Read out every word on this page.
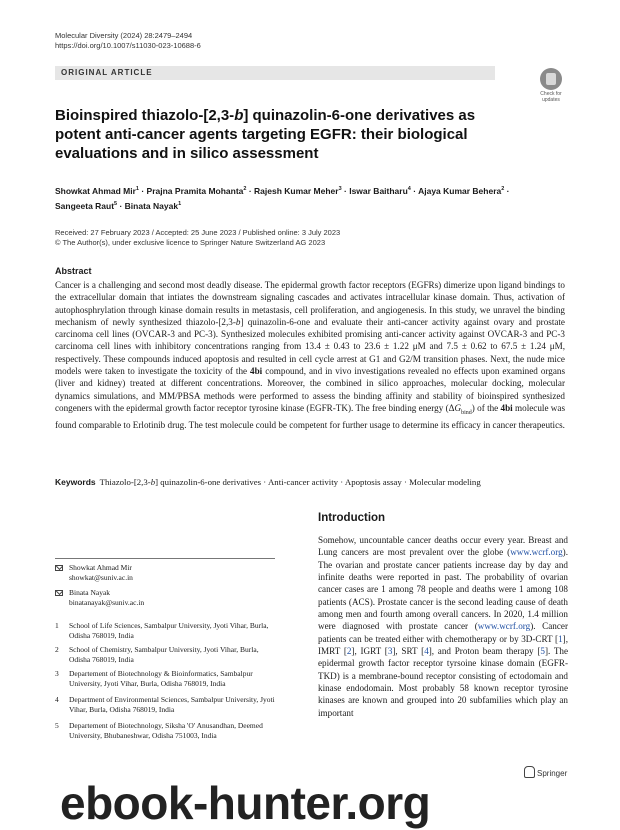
Molecular Diversity (2024) 28:2479–2494
https://doi.org/10.1007/s11030-023-10688-6
ORIGINAL ARTICLE
Check for updates
Bioinspired thiazolo-[2,3-b] quinazolin-6-one derivatives as potent anti-cancer agents targeting EGFR: their biological evaluations and in silico assessment
Showkat Ahmad Mir$^1$ · Prajna Pramita Mohanta$^2$ · Rajesh Kumar Meher$^3$ · Iswar Baitharu$^4$ · Ajaya Kumar Behera$^2$ ·
Sangeeta Raut$^5$ · Binata Nayak$^1$
Received: 27 February 2023 / Accepted: 25 June 2023 / Published online: 3 July 2023
© The Author(s), under exclusive licence to Springer Nature Switzerland AG 2023
Abstract
Cancer is a challenging and second most deadly disease. The epidermal growth factor receptors (EGFRs) dimerize upon ligand bindings to the extracellular domain that intiates the downstream signaling cascades and activates intracellular kinase domain. Thus, activation of autophosphrylation through kinase domain results in metastasis, cell proliferation, and angiogenesis. In this study, we unravel the binding mechanism of newly synthesized thiazolo-[2,3-b] quinazolin-6-one and evaluate their anti-cancer activity against ovary and prostate carcinoma cell lines (OVCAR-3 and PC-3). Synthesized molecules exhibited promising anti-cancer activity against OVCAR-3 and PC-3 carcinoma cell lines with inhibitory concentrations ranging from 13.4 ± 0.43 to 23.6 ± 1.22 μM and 7.5 ± 0.62 to 67.5 ± 1.24 μM, respectively. These compounds induced apoptosis and resulted in cell cycle arrest at G1 and G2/M transition phases. Next, the nude mice models were taken to investigate the toxicity of the 4bi compound, and in vivo investigations revealed no effects upon examined organs (liver and kidney) treated at different concentrations. Moreover, the combined in silico approaches, molecular docking, molecular dynamics simulations, and MM/PBSA methods were performed to assess the binding affinity and stability of bioinspired synthesized congeners with the epidermal growth factor receptor tyrosine kinase (EGFR-TK). The free binding energy $(\Delta G_{bind})$ of the 4bi molecule was found comparable to Erlotinib drug. The test molecule could be competent for further usage to determine its efficacy in cancer therapeutics.
Keywords Thiazolo-[2,3-b] quinazolin-6-one derivatives · Anti-cancer activity · Apoptosis assay · Molecular modeling
Introduction
Somehow, uncountable cancer deaths occur every year. Breast and Lung cancers are most prevalent over the globe (www.wcrf.org). The ovarian and prostate cancer patients increase day by day and infinite deaths were reported in past. The probability of ovarian cancer cases are 1 among 78 people and deaths were 1 among 108 patients (ACS). Prostate cancer is the second leading cause of death among men and fourth among overall cancers. In 2020, 1.4 million were diagnosed with prostate cancer (www.wcrf.org). Cancer patients can be treated either with chemotherapy or by 3D-CRT [1], IMRT [2], IGRT [3], SRT [4], and Proton beam therapy [5]. The epidermal growth factor receptor tyrsoine kinase domain (EGFR-TKD) is a membrane-bound receptor consisting of ectodomain and kinase endodomain. Most probably 58 known receptor tyrosine kinases are known and grouped into 20 subfamilies which play an important
Showkat Ahmad Mir
showkat@suniv.ac.in
Binata Nayak
binatanayak@suniv.ac.in
1 School of Life Sciences, Sambalpur University, Jyoti Vihar, Burla, Odisha 768019, India
2 School of Chemistry, Sambalpur University, Jyoti Vihar, Burla, Odisha 768019, India
3 Departement of Biotechnology & Bioinformatics, Sambalpur University, Jyoti Vihar, Burla, Odisha 768019, India
4 Department of Environmental Sciences, Sambalpur University, Jyoti Vihar, Burla, Odisha 768019, India
5 Departement of Biotechnology, Siksha 'O' Anusandhan, Deemed University, Bhubaneshwar, Odisha 751003, India
Springer
ebook-hunter.org
